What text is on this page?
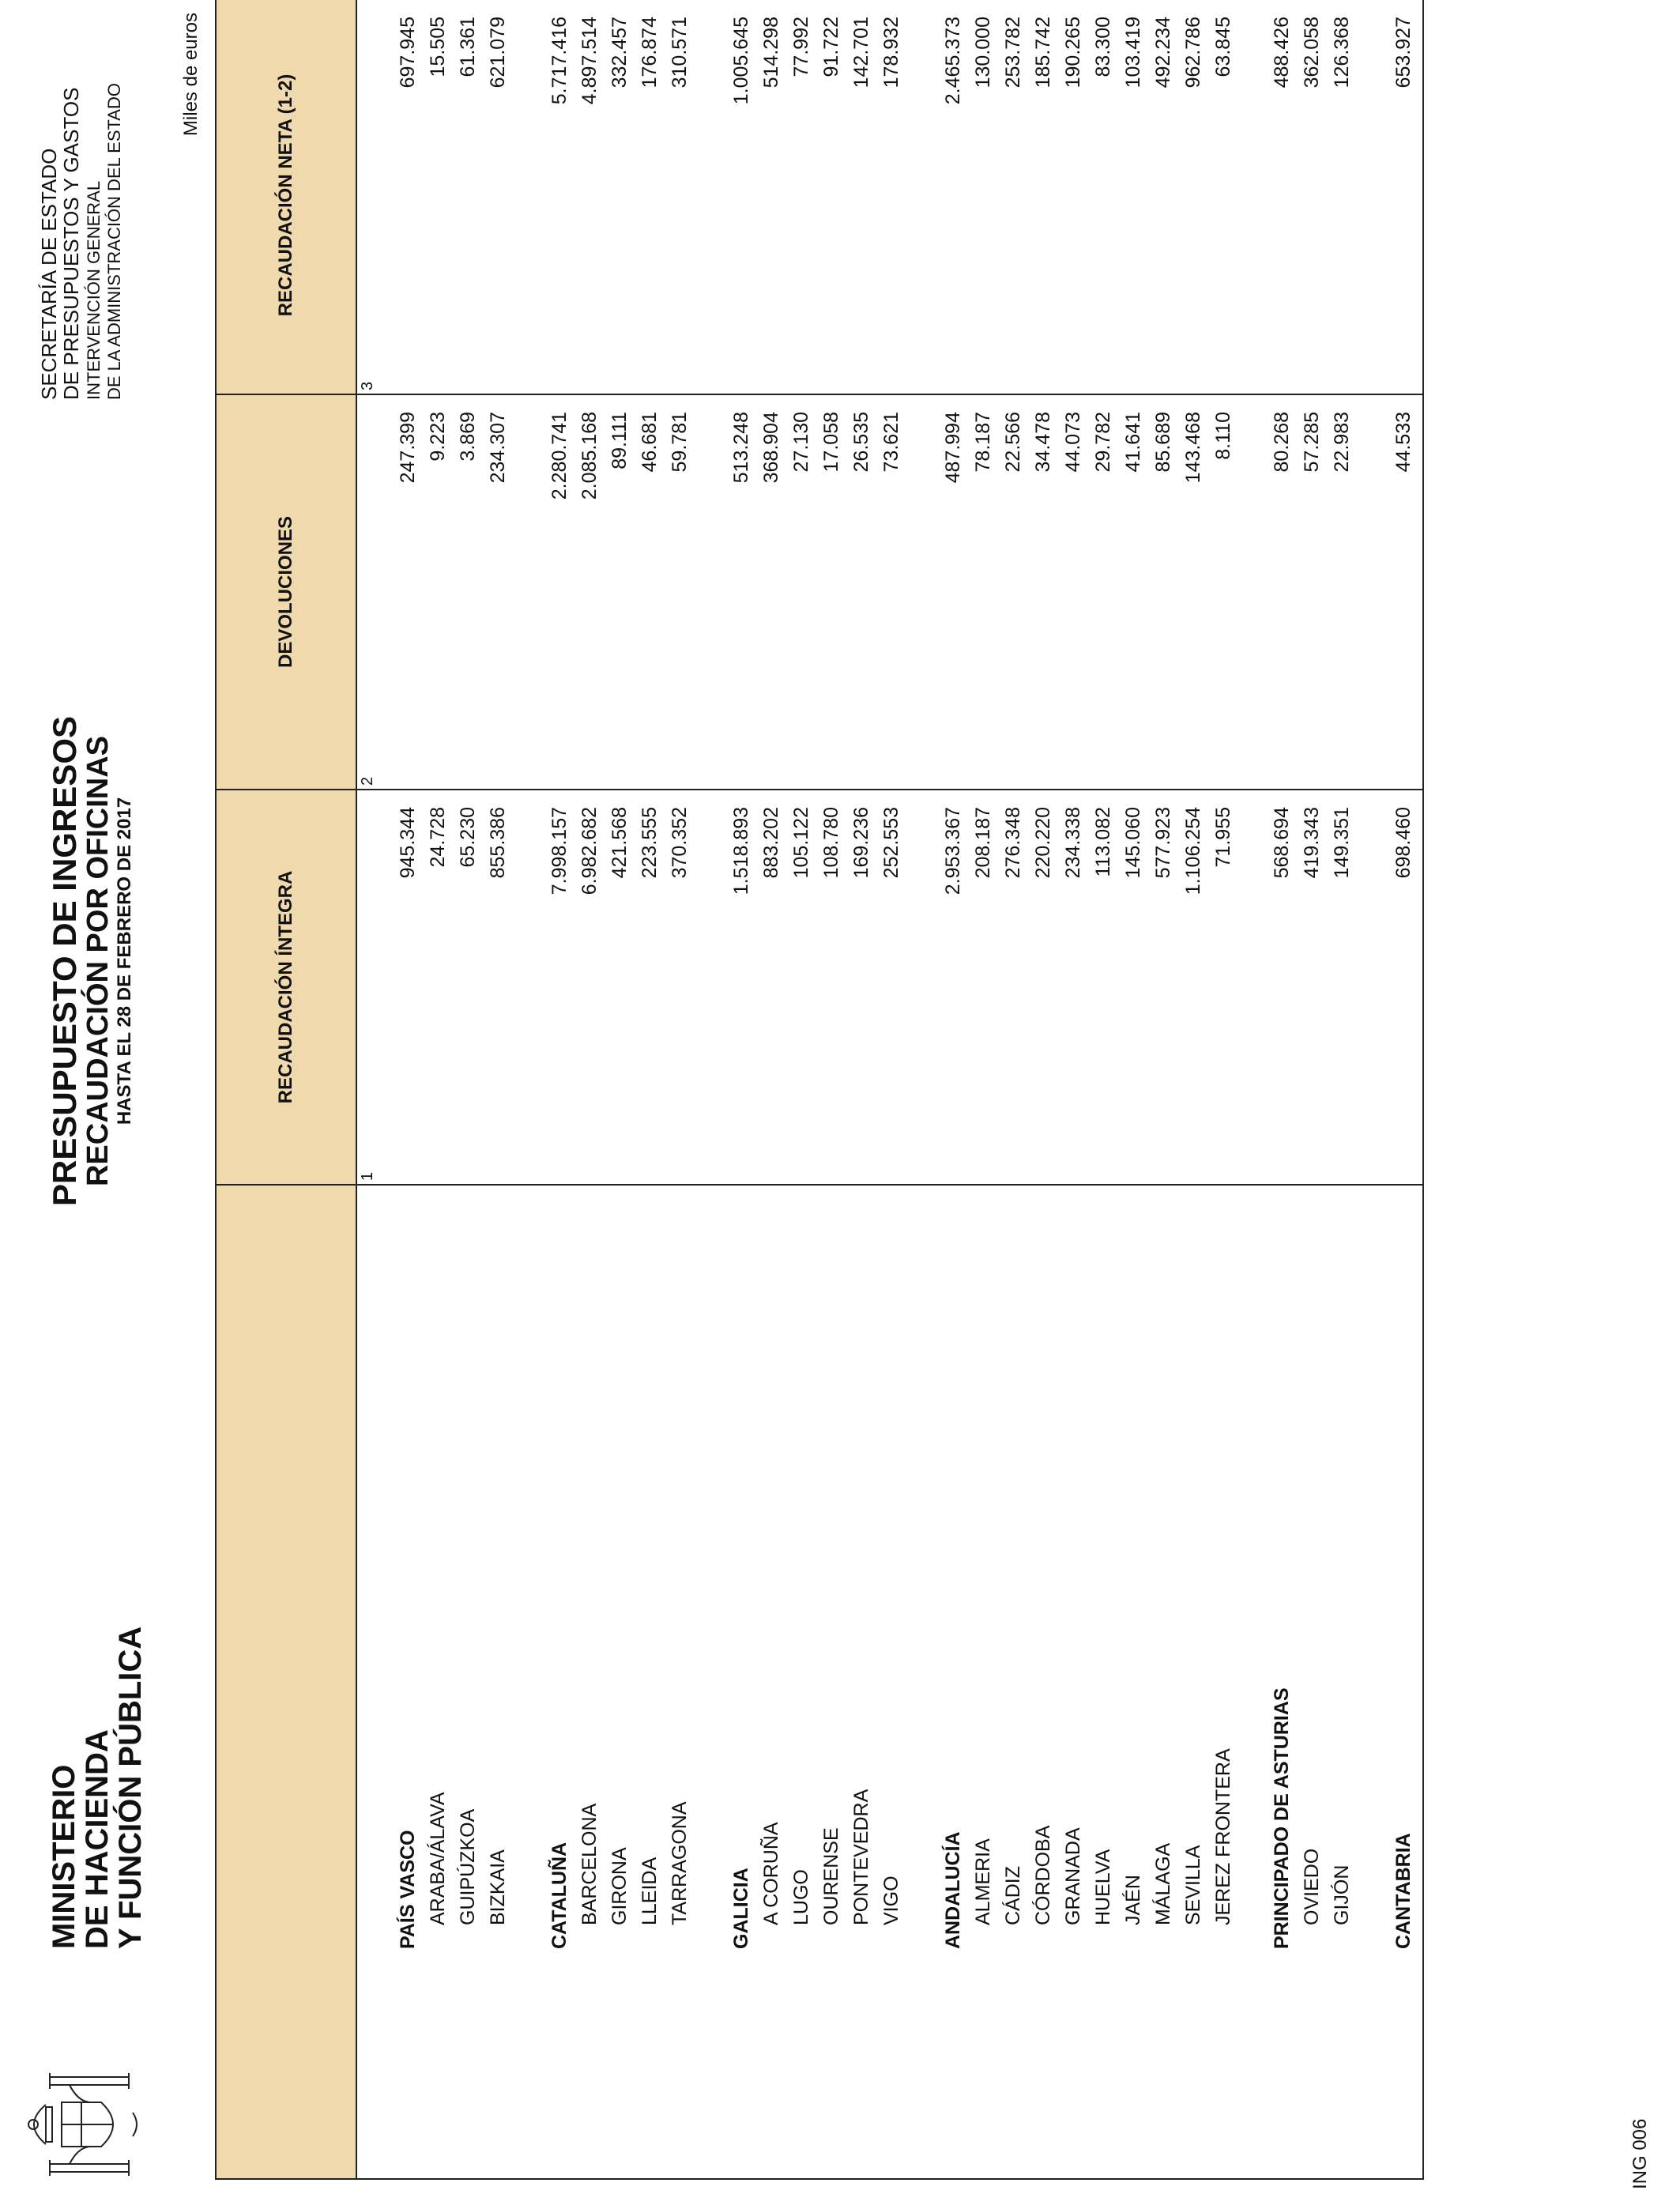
MINISTERIO
DE HACIENDA
Y FUNCIÓN PÚBLICA
PRESUPUESTO DE INGRESOS
RECAUDACIÓN POR OFICINAS HASTA EL 28 DE FEBRERO DE 2017
SECRETARÍA DE ESTADO
DE PRESUPUESTOS Y GASTOS INTERVENCIÓN GENERAL DE LA ADMINISTRACIÓN DEL ESTADO
Miles de euros
RECAUDACIÓN ÍNTEGRA
DEVOLUCIONES
RECAUDACIÓN NETA (1-2)
1
2
3
PAÍS VASCO
945.344
247.399
697.945
ARABA/ÁLAVA
24.728
9.223
15.505
GUIPÚZKOA
65.230
3.869
61.361
BIZKAIA
855.386
234.307
621.079
CATALUÑA
7.998.157
2.280.741
5.717.416
BARCELONA
6.982.682
2.085.168
4.897.514
GIRONA
421.568
89.111
332.457
LLEIDA
223.555
46.681
176.874
TARRAGONA
370.352
59.781
310.571
GALICIA
1.518.893
513.248
1.005.645
A CORUÑA
883.202
368.904
514.298
LUGO
105.122
27.130
77.992
OURENSE
108.780
17.058
91.722
PONTEVEDRA
169.236
26.535
142.701
VIGO
252.553
73.621
178.932
ANDALUCÍA
2.953.367
487.994
2.465.373
ALMERIA
208.187
78.187
130.000
CÁDIZ
276.348
22.566
253.782
CÓRDOBA
220.220
34.478
185.742
GRANADA
234.338
44.073
190.265
HUELVA
113.082
29.782
83.300
JAÉN
145.060
41.641
103.419
MÁLAGA
577.923
85.689
492.234
SEVILLA
1.106.254
143.468
962.786
JEREZ FRONTERA
71.955
8.110
63.845
PRINCIPADO DE ASTURIAS
568.694
80.268
488.426
OVIEDO
419.343
57.285
362.058
GIJÓN
149.351
22.983
126.368
CANTABRIA
698.460
44.533
653.927
ING 006
